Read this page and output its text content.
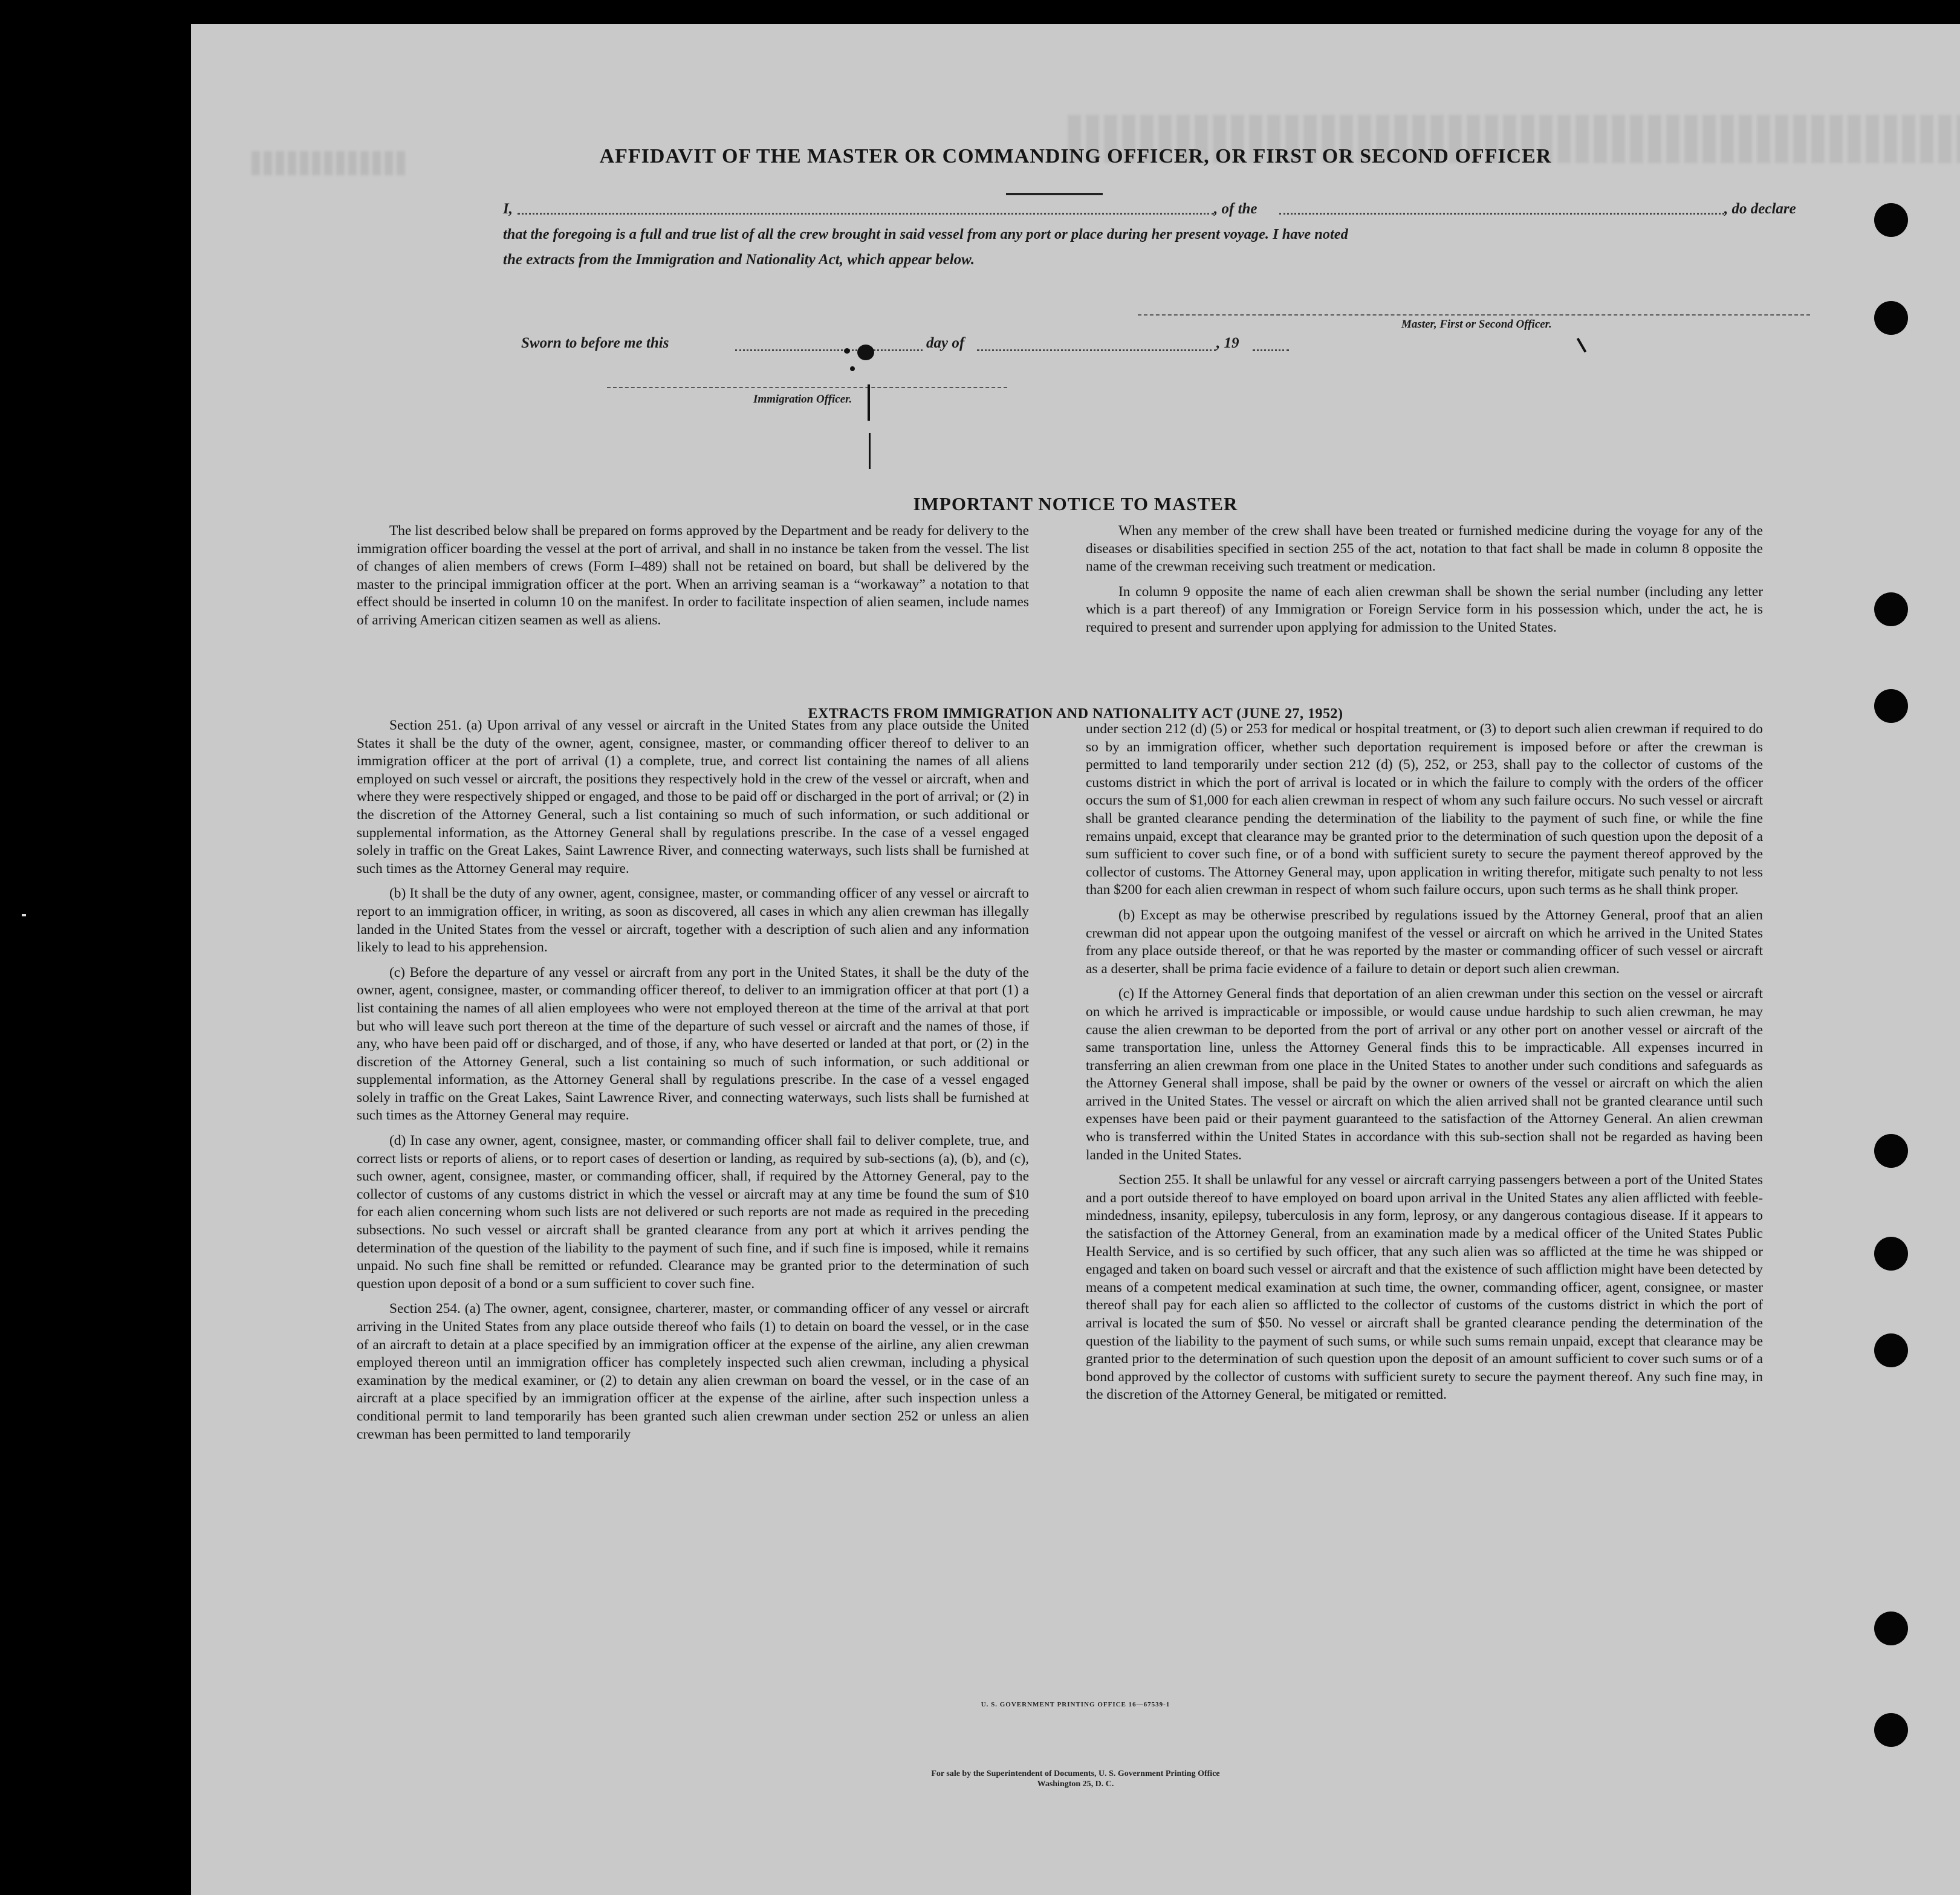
AFFIDAVIT OF THE MASTER OR COMMANDING OFFICER, OR FIRST OR SECOND OFFICER
I,	, of the	, do declare
that the foregoing is a full and true list of all the crew brought in said vessel from any port or place during her present voyage. I have noted
the extracts from the Immigration and Nationality Act, which appear below.
Master, First or Second Officer.
Sworn to before me this	day of	, 19
Immigration Officer.
IMPORTANT NOTICE TO MASTER

The list described below shall be prepared on forms approved by the Department and be ready for delivery to the immigration officer boarding the vessel at the port of arrival, and shall in no instance be taken from the vessel. The list of changes of alien members of crews (Form I–489) shall not be retained on board, but shall be delivered by the master to the principal immigration officer at the port. When an arriving seaman is a “workaway” a notation to that effect should be inserted in column 10 on the manifest. In order to facilitate inspection of alien seamen, include names of arriving American citizen seamen as well as aliens.

When any member of the crew shall have been treated or furnished medicine during the voyage for any of the diseases or disabilities specified in section 255 of the act, notation to that fact shall be made in column 8 opposite the name of the crewman receiving such treatment or medication.

In column 9 opposite the name of each alien crewman shall be shown the serial number (including any letter which is a part thereof) of any Immigration or Foreign Service form in his possession which, under the act, he is required to present and surrender upon applying for admission to the United States.

EXTRACTS FROM IMMIGRATION AND NATIONALITY ACT (JUNE 27, 1952)

Section 251. (a) Upon arrival of any vessel or aircraft in the United States from any place outside the United States it shall be the duty of the owner, agent, consignee, master, or commanding officer thereof to deliver to an immigration officer at the port of arrival (1) a complete, true, and correct list containing the names of all aliens employed on such vessel or aircraft, the positions they respectively hold in the crew of the vessel or aircraft, when and where they were respectively shipped or engaged, and those to be paid off or discharged in the port of arrival; or (2) in the discretion of the Attorney General, such a list containing so much of such information, or such additional or supplemental information, as the Attorney General shall by regulations prescribe. In the case of a vessel engaged solely in traffic on the Great Lakes, Saint Lawrence River, and connecting waterways, such lists shall be furnished at such times as the Attorney General may require.

(b) It shall be the duty of any owner, agent, consignee, master, or commanding officer of any vessel or aircraft to report to an immigration officer, in writing, as soon as discovered, all cases in which any alien crewman has illegally landed in the United States from the vessel or aircraft, together with a description of such alien and any information likely to lead to his apprehension.

(c) Before the departure of any vessel or aircraft from any port in the United States, it shall be the duty of the owner, agent, consignee, master, or commanding officer thereof, to deliver to an immigration officer at that port (1) a list containing the names of all alien employees who were not employed thereon at the time of the arrival at that port but who will leave such port thereon at the time of the departure of such vessel or aircraft and the names of those, if any, who have been paid off or discharged, and of those, if any, who have deserted or landed at that port, or (2) in the discretion of the Attorney General, such a list containing so much of such information, or such additional or supplemental information, as the Attorney General shall by regulations prescribe. In the case of a vessel engaged solely in traffic on the Great Lakes, Saint Lawrence River, and connecting waterways, such lists shall be furnished at such times as the Attorney General may require.

(d) In case any owner, agent, consignee, master, or commanding officer shall fail to deliver complete, true, and correct lists or reports of aliens, or to report cases of desertion or landing, as required by sub-sections (a), (b), and (c), such owner, agent, consignee, master, or commanding officer, shall, if required by the Attorney General, pay to the collector of customs of any customs district in which the vessel or aircraft may at any time be found the sum of $10 for each alien concerning whom such lists are not delivered or such reports are not made as required in the preceding subsections. No such vessel or aircraft shall be granted clearance from any port at which it arrives pending the determination of the question of the liability to the payment of such fine, and if such fine is imposed, while it remains unpaid. No such fine shall be remitted or refunded. Clearance may be granted prior to the determination of such question upon deposit of a bond or a sum sufficient to cover such fine.

Section 254. (a) The owner, agent, consignee, charterer, master, or commanding officer of any vessel or aircraft arriving in the United States from any place outside thereof who fails (1) to detain on board the vessel, or in the case of an aircraft to detain at a place specified by an immigration officer at the expense of the airline, any alien crewman employed thereon until an immigration officer has completely inspected such alien crewman, including a physical examination by the medical examiner, or (2) to detain any alien crewman on board the vessel, or in the case of an aircraft at a place specified by an immigration officer at the expense of the airline, after such inspection unless a conditional permit to land temporarily has been granted such alien crewman under section 252 or unless an alien crewman has been permitted to land temporarily

under section 212 (d) (5) or 253 for medical or hospital treatment, or (3) to deport such alien crewman if required to do so by an immigration officer, whether such deportation requirement is imposed before or after the crewman is permitted to land temporarily under section 212 (d) (5), 252, or 253, shall pay to the collector of customs of the customs district in which the port of arrival is located or in which the failure to comply with the orders of the officer occurs the sum of $1,000 for each alien crewman in respect of whom any such failure occurs. No such vessel or aircraft shall be granted clearance pending the determination of the liability to the payment of such fine, or while the fine remains unpaid, except that clearance may be granted prior to the determination of such question upon the deposit of a sum sufficient to cover such fine, or of a bond with sufficient surety to secure the payment thereof approved by the collector of customs. The Attorney General may, upon application in writing therefor, mitigate such penalty to not less than $200 for each alien crewman in respect of whom such failure occurs, upon such terms as he shall think proper.

(b) Except as may be otherwise prescribed by regulations issued by the Attorney General, proof that an alien crewman did not appear upon the outgoing manifest of the vessel or aircraft on which he arrived in the United States from any place outside thereof, or that he was reported by the master or commanding officer of such vessel or aircraft as a deserter, shall be prima facie evidence of a failure to detain or deport such alien crewman.

(c) If the Attorney General finds that deportation of an alien crewman under this section on the vessel or aircraft on which he arrived is impracticable or impossible, or would cause undue hardship to such alien crewman, he may cause the alien crewman to be deported from the port of arrival or any other port on another vessel or aircraft of the same transportation line, unless the Attorney General finds this to be impracticable. All expenses incurred in transferring an alien crewman from one place in the United States to another under such conditions and safeguards as the Attorney General shall impose, shall be paid by the owner or owners of the vessel or aircraft on which the alien arrived in the United States. The vessel or aircraft on which the alien arrived shall not be granted clearance until such expenses have been paid or their payment guaranteed to the satisfaction of the Attorney General. An alien crewman who is transferred within the United States in accordance with this sub-section shall not be regarded as having been landed in the United States.

Section 255. It shall be unlawful for any vessel or aircraft carrying passengers between a port of the United States and a port outside thereof to have employed on board upon arrival in the United States any alien afflicted with feeble-mindedness, insanity, epilepsy, tuberculosis in any form, leprosy, or any dangerous contagious disease. If it appears to the satisfaction of the Attorney General, from an examination made by a medical officer of the United States Public Health Service, and is so certified by such officer, that any such alien was so afflicted at the time he was shipped or engaged and taken on board such vessel or aircraft and that the existence of such affliction might have been detected by means of a competent medical examination at such time, the owner, commanding officer, agent, consignee, or master thereof shall pay for each alien so afflicted to the collector of customs of the customs district in which the port of arrival is located the sum of $50. No vessel or aircraft shall be granted clearance pending the determination of the question of the liability to the payment of such sums, or while such sums remain unpaid, except that clearance may be granted prior to the determination of such question upon the deposit of an amount sufficient to cover such sums or of a bond approved by the collector of customs with sufficient surety to secure the payment thereof. Any such fine may, in the discretion of the Attorney General, be mitigated or remitted.

U. S. GOVERNMENT PRINTING OFFICE 16—67539-1
For sale by the Superintendent of Documents, U. S. Government Printing Office
Washington 25, D. C.
